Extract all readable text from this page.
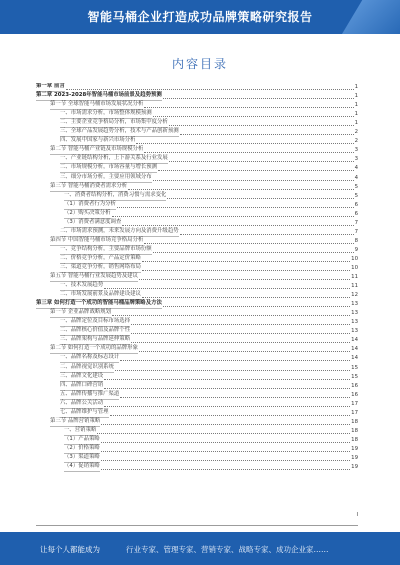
智能马桶企业打造成功品牌策略研究报告
内容目录
第一章 前言	1
第二章 2023-2028年智能马桶市场前景及趋势预测	1
第一节 全球智能马桶市场发展状况分析	1
一、市场需求分析，市场整体规模预测	1
二、主要企业竞争格局分析，市场集中度分析	1
三、全球产品发展趋势分析，技术与产品创新预测	2
四、发展中国家与新兴市场分析	2
第二节 智能马桶产业链及市场规模分析	3
一、产业链结构分析，上下游关系及行业发展	3
二、市场规模分析，市场容量与增长预测	4
三、细分市场分析，主要应用领域分布	4
第三节 智能马桶消费者需求分析	5
一、消费者结构分析，消费习惯与需求变化	5
（1）消费者行为分析	6
（2）购买决策分析	6
（3）消费者满意度调查	7
二、市场需求预测，未来发展方向及消费升级趋势	7
第四节 中国智能马桶市场竞争格局分析	8
一、竞争结构分析，主要品牌市场份额	9
二、价格竞争分析，产品定价策略	10
三、渠道竞争分析，销售网络布局	10
第五节 智能马桶行业发展趋势及建议	11
一、技术发展趋势	11
二、市场发展前景及品牌建设建议	12
第三章 如何打造一个成功的智能马桶品牌策略及方法	13
第一节 企业品牌战略规划	13
一、品牌定位及目标市场选择	13
二、品牌核心价值及品牌个性	13
三、品牌架构与品牌延伸策略	14
第二节 如何打造一个成功的品牌形象	14
一、品牌名称及标志设计	14
二、品牌视觉识别系统	15
三、品牌文化建设	15
四、品牌口碑营销	16
五、品牌传播与推广渠道	16
六、品牌公关活动	17
七、品牌维护与管理	17
第三节 品牌营销策略	18
一、营销策略	18
（1）产品策略	18
（2）价格策略	19
（3）渠道策略	19
（4）促销策略	19
I
让每个人都能成为	行业专家、管理专家、营销专家、战略专家、成功企业家……
